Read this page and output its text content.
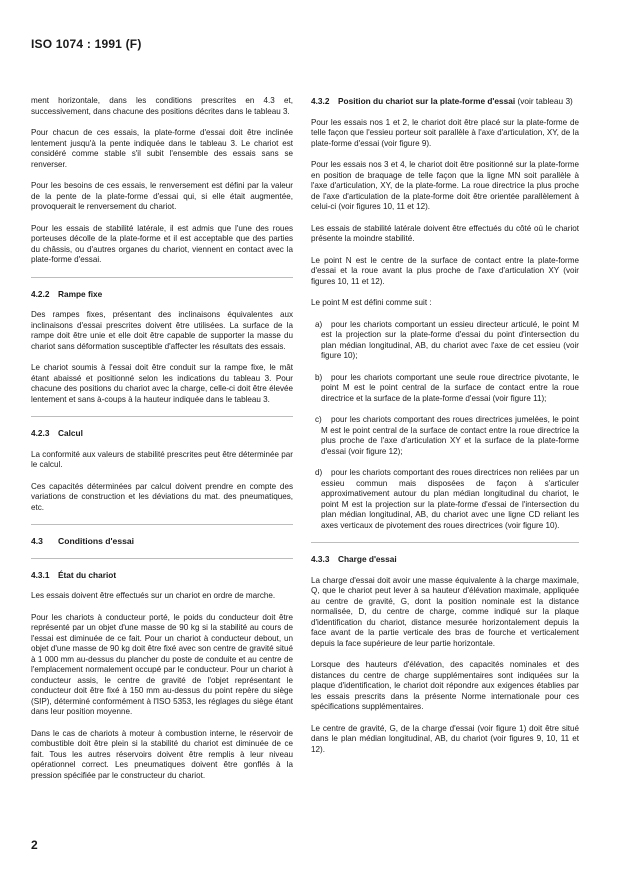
ISO 1074 : 1991 (F)

ment horizontale, dans les conditions prescrites en 4.3 et, successivement, dans chacune des positions décrites dans le tableau 3.

Pour chacun de ces essais, la plate-forme d'essai doit être inclinée lentement jusqu'à la pente indiquée dans le tableau 3. Le chariot est considéré comme stable s'il subit l'ensemble des essais sans se renverser.

Pour les besoins de ces essais, le renversement est défini par la valeur de la pente de la plate-forme d'essai qui, si elle était augmentée, provoquerait le renversement du chariot.

Pour les essais de stabilité latérale, il est admis que l'une des roues porteuses décolle de la plate-forme et il est acceptable que des parties du châssis, ou d'autres organes du chariot, viennent en contact avec la plate-forme d'essai.

4.2.2 Rampe fixe

Des rampes fixes, présentant des inclinaisons équivalentes aux inclinaisons d'essai prescrites doivent être utilisées. La surface de la rampe doit être unie et elle doit être capable de supporter la masse du chariot sans déformation susceptible d'affecter les résultats des essais.

Le chariot soumis à l'essai doit être conduit sur la rampe fixe, le mât étant abaissé et positionné selon les indications du tableau 3. Pour chacune des positions du chariot avec la charge, celle-ci doit être élevée lentement et sans à-coups à la hauteur indiquée dans le tableau 3.

4.2.3 Calcul

La conformité aux valeurs de stabilité prescrites peut être déterminée par le calcul.

Ces capacités déterminées par calcul doivent prendre en compte des variations de construction et les déviations du mat. des pneumatiques, etc.

4.3 Conditions d'essai
4.3.1 État du chariot

Les essais doivent être effectués sur un chariot en ordre de marche.

Pour les chariots à conducteur porté, le poids du conducteur doit être représenté par un objet d'une masse de 90 kg si la stabilité au cours de l'essai est diminuée de ce fait. Pour un chariot à conducteur debout, un objet d'une masse de 90 kg doit être fixé avec son centre de gravité situé à 1 000 mm au-dessus du plancher du poste de conduite et au centre de l'emplacement normalement occupé par le conducteur. Pour un chariot à conducteur assis, le centre de gravité de l'objet représentant le conducteur doit être fixé à 150 mm au-dessus du point repère du siège (SIP), déterminé conformément à l'ISO 5353, les réglages du siège étant dans leur position moyenne.

Dans le cas de chariots à moteur à combustion interne, le réservoir de combustible doit être plein si la stabilité du chariot est diminuée de ce fait. Tous les autres réservoirs doivent être remplis à leur niveau opérationnel correct. Les pneumatiques doivent être gonflés à la pression spécifiée par le constructeur du chariot.

4.3.2 Position du chariot sur la plate-forme d'essai (voir tableau 3)

Pour les essais nos 1 et 2, le chariot doit être placé sur la plate-forme de telle façon que l'essieu porteur soit parallèle à l'axe d'articulation, XY, de la plate-forme d'essai (voir figure 9).

Pour les essais nos 3 et 4, le chariot doit être positionné sur la plate-forme en position de braquage de telle façon que la ligne MN soit parallèle à l'axe d'articulation, XY, de la plate-forme. La roue directrice la plus proche de l'axe d'articulation de la plate-forme doit être orientée parallèlement à celui-ci (voir figures 10, 11 et 12).

Les essais de stabilité latérale doivent être effectués du côté où le chariot présente la moindre stabilité.

Le point N est le centre de la surface de contact entre la plate-forme d'essai et la roue avant la plus proche de l'axe d'articulation XY (voir figures 10, 11 et 12).

Le point M est défini comme suit :

a) pour les chariots comportant un essieu directeur articulé, le point M est la projection sur la plate-forme d'essai du point d'intersection du plan médian longitudinal, AB, du chariot avec l'axe de cet essieu (voir figure 10);

b) pour les chariots comportant une seule roue directrice pivotante, le point M est le point central de la surface de contact entre la roue directrice et la surface de la plate-forme d'essai (voir figure 11);

c) pour les chariots comportant des roues directrices jumelées, le point M est le point central de la surface de contact entre la roue directrice la plus proche de l'axe d'articulation XY et la surface de la plate-forme d'essai (voir figure 12);

d) pour les chariots comportant des roues directrices non reliées par un essieu commun mais disposées de façon à s'articuler approximativement autour du plan médian longitudinal du chariot, le point M est la projection sur la plate-forme d'essai de l'intersection du plan médian longitudinal, AB, du chariot avec une ligne CD reliant les axes verticaux de pivotement des roues directrices (voir figure 10).

4.3.3 Charge d'essai

La charge d'essai doit avoir une masse équivalente à la charge maximale, Q, que le chariot peut lever à sa hauteur d'élévation maximale, appliquée au centre de gravité, G, dont la position nominale est la distance normalisée, D, du centre de charge, comme indiqué sur la plaque d'identification du chariot, distance mesurée horizontalement depuis la face avant de la partie verticale des bras de fourche et verticalement depuis la face supérieure de leur partie horizontale.

Lorsque des hauteurs d'élévation, des capacités nominales et des distances du centre de charge supplémentaires sont indiquées sur la plaque d'identification, le chariot doit répondre aux exigences établies par les essais prescrits dans la présente Norme internationale pour ces spécifications supplémentaires.

Le centre de gravité, G, de la charge d'essai (voir figure 1) doit être situé dans le plan médian longitudinal, AB, du chariot (voir figures 9, 10, 11 et 12).

2
